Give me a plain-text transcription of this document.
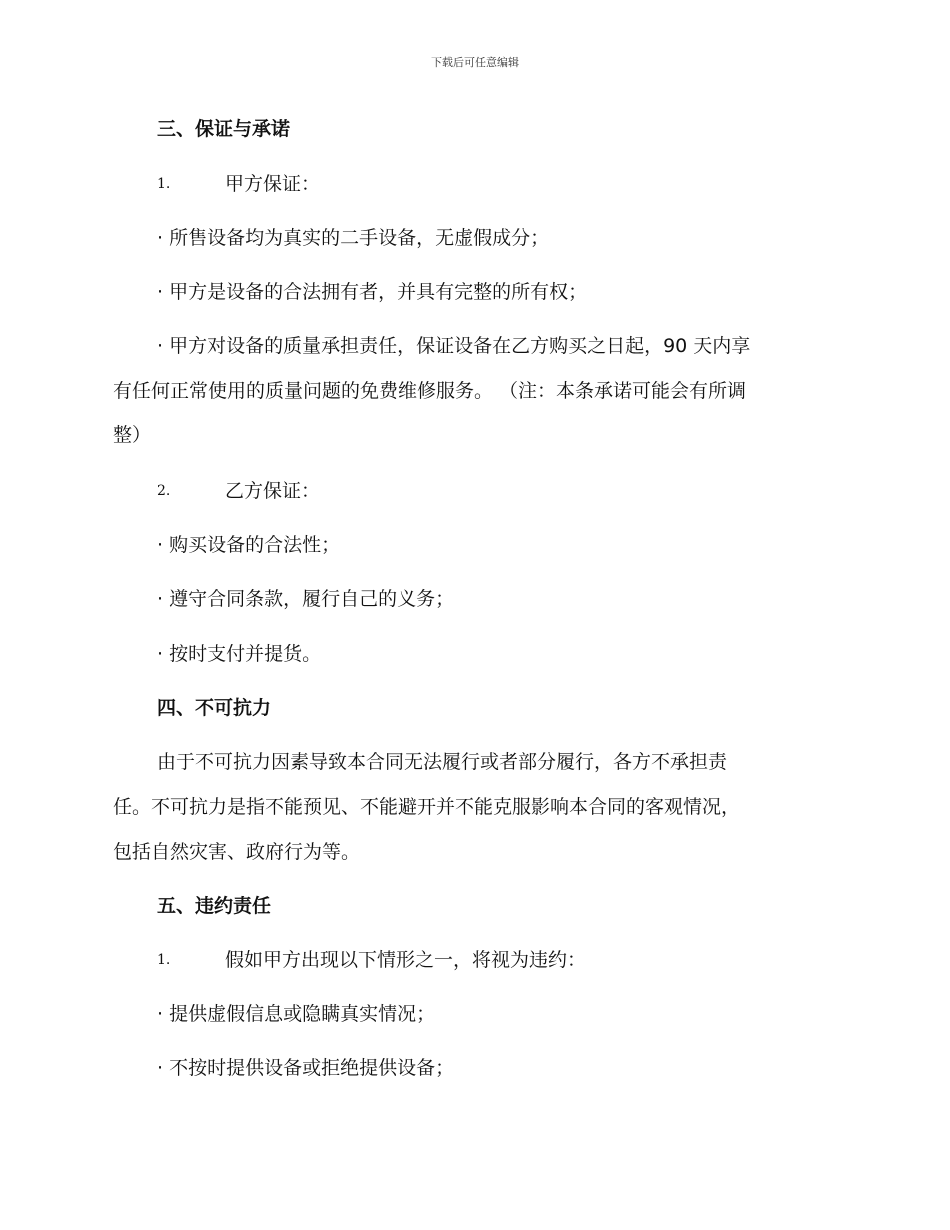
下载后可任意编辑
三、保证与承诺
1.	甲方保证：
· 所售设备均为真实的二手设备，无虚假成分；
· 甲方是设备的合法拥有者，并具有完整的所有权；
· 甲方对设备的质量承担责任，保证设备在乙方购买之日起，90 天内享
有任何正常使用的质量问题的免费维修服务。 （注：本条承诺可能会有所调
整）
2.	乙方保证：
· 购买设备的合法性；
· 遵守合同条款，履行自己的义务；
· 按时支付并提货。
四、不可抗力
由于不可抗力因素导致本合同无法履行或者部分履行，各方不承担责
任。不可抗力是指不能预见、不能避开并不能克服影响本合同的客观情况，
包括自然灾害、政府行为等。
五、违约责任
1.	假如甲方出现以下情形之一，将视为违约：
· 提供虚假信息或隐瞒真实情况；
· 不按时提供设备或拒绝提供设备；
